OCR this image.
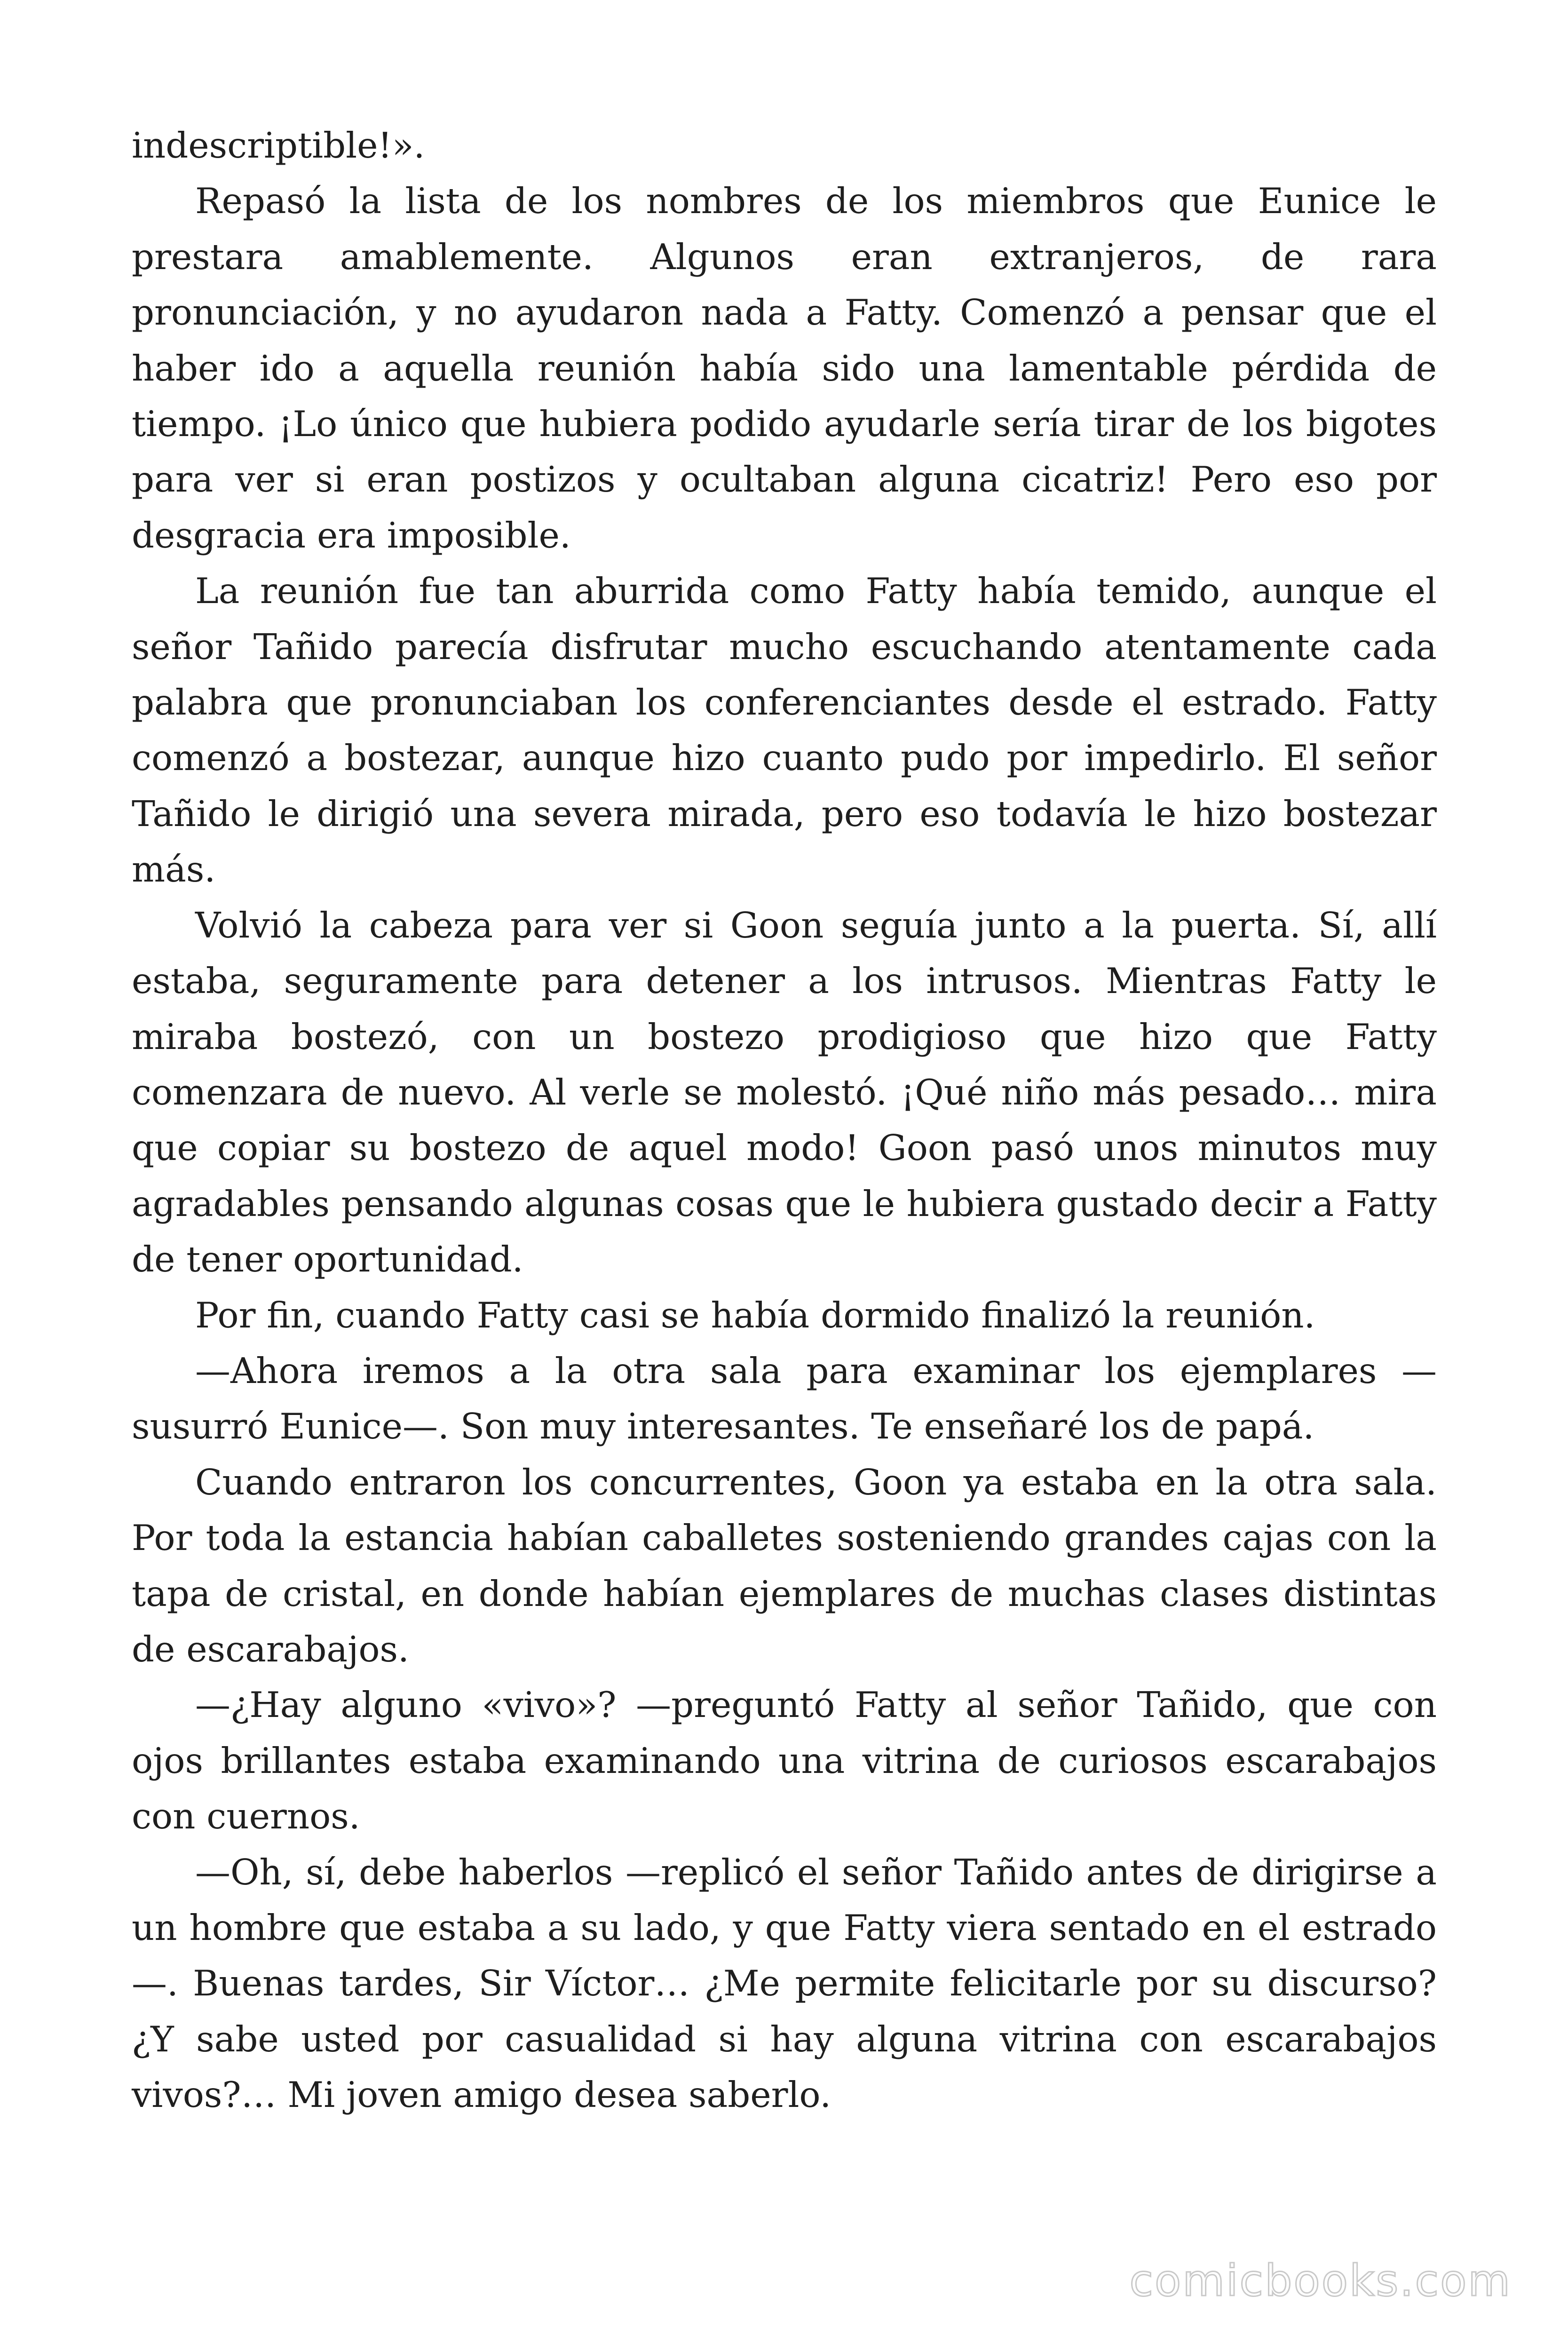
indescriptible!».

Repasó la lista de los nombres de los miembros que Eunice le prestara amablemente. Algunos eran extranjeros, de rara pronunciación, y no ayudaron nada a Fatty. Comenzó a pensar que el haber ido a aquella reunión había sido una lamentable pérdida de tiempo. ¡Lo único que hubiera podido ayudarle sería tirar de los bigotes para ver si eran postizos y ocultaban alguna cicatriz! Pero eso por desgracia era imposible.

La reunión fue tan aburrida como Fatty había temido, aunque el señor Tañido parecía disfrutar mucho escuchando atentamente cada palabra que pronunciaban los conferenciantes desde el estrado. Fatty comenzó a bostezar, aunque hizo cuanto pudo por impedirlo. El señor Tañido le dirigió una severa mirada, pero eso todavía le hizo bostezar más.

Volvió la cabeza para ver si Goon seguía junto a la puerta. Sí, allí estaba, seguramente para detener a los intrusos. Mientras Fatty le miraba bostezó, con un bostezo prodigioso que hizo que Fatty comenzara de nuevo. Al verle se molestó. ¡Qué niño más pesado… mira que copiar su bostezo de aquel modo! Goon pasó unos minutos muy agradables pensando algunas cosas que le hubiera gustado decir a Fatty de tener oportunidad.

Por fin, cuando Fatty casi se había dormido finalizó la reunión.

—Ahora iremos a la otra sala para examinar los ejemplares —susurró Eunice—. Son muy interesantes. Te enseñaré los de papá.

Cuando entraron los concurrentes, Goon ya estaba en la otra sala. Por toda la estancia habían caballetes sosteniendo grandes cajas con la tapa de cristal, en donde habían ejemplares de muchas clases distintas de escarabajos.

—¿Hay alguno «vivo»? —preguntó Fatty al señor Tañido, que con ojos brillantes estaba examinando una vitrina de curiosos escarabajos con cuernos.

—Oh, sí, debe haberlos —replicó el señor Tañido antes de dirigirse a un hombre que estaba a su lado, y que Fatty viera sentado en el estrado—. Buenas tardes, Sir Víctor… ¿Me permite felicitarle por su discurso? ¿Y sabe usted por casualidad si hay alguna vitrina con escarabajos vivos?… Mi joven amigo desea saberlo.

comicbooks.com
